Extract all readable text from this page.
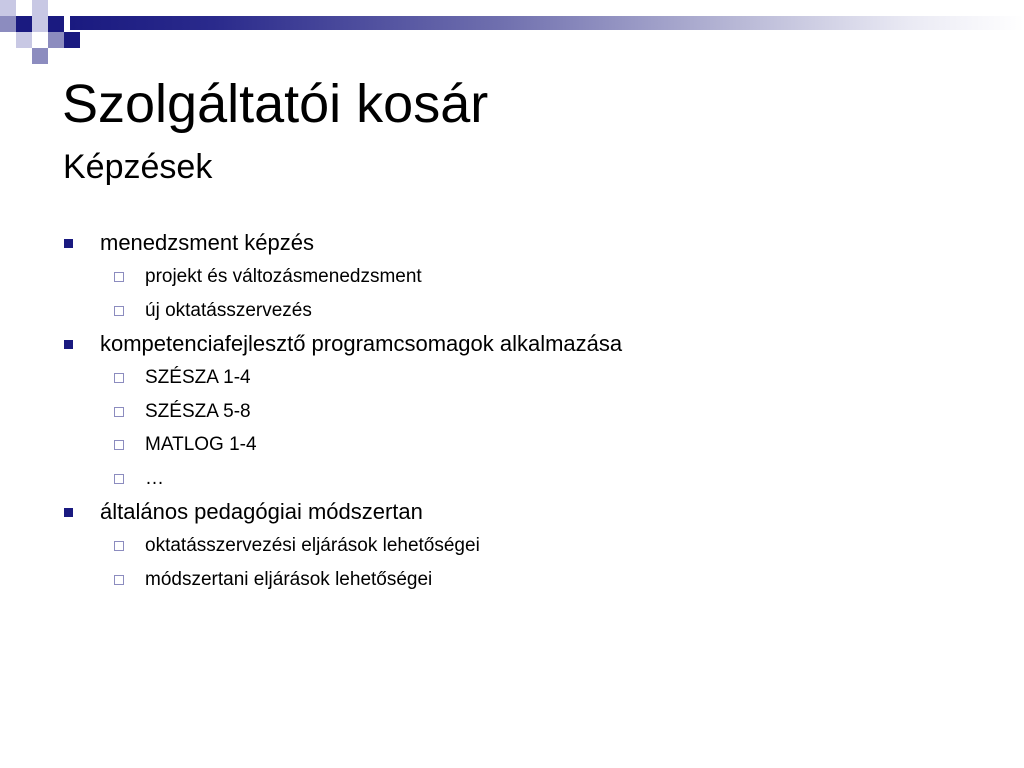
Szolgáltatói kosár
Képzések
menedzsment képzés
projekt és változásmenedzsment
új oktatásszervezés
kompetenciafejlesztő programcsomagok alkalmazása
SZÉSZA 1-4
SZÉSZA 5-8
MATLOG 1-4
…
általános pedagógiai módszertan
oktatásszervezési eljárások lehetőségei
módszertani eljárások lehetőségei
